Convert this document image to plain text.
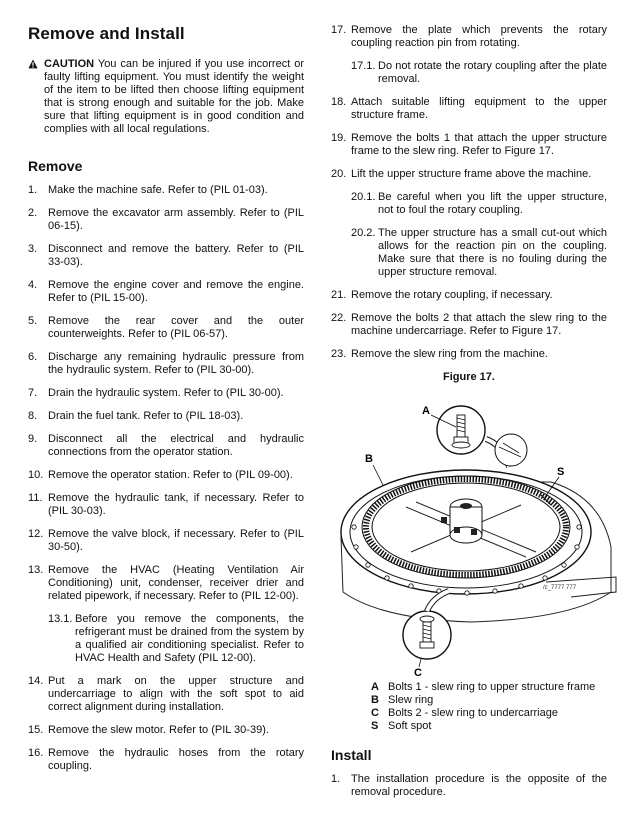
Remove and Install
CAUTION You can be injured if you use incorrect or faulty lifting equipment. You must identify the weight of the item to be lifted then choose lifting equipment that is strong enough and suitable for the job. Make sure that lifting equipment is in good condition and complies with all local regulations.
Remove
1. Make the machine safe. Refer to (PIL 01-03).
2. Remove the excavator arm assembly. Refer to (PIL 06-15).
3. Disconnect and remove the battery. Refer to (PIL 33-03).
4. Remove the engine cover and remove the engine. Refer to (PIL 15-00).
5. Remove the rear cover and the outer counterweights. Refer to (PIL 06-57).
6. Discharge any remaining hydraulic pressure from the hydraulic system. Refer to (PIL 30-00).
7. Drain the hydraulic system. Refer to (PIL 30-00).
8. Drain the fuel tank. Refer to (PIL 18-03).
9. Disconnect all the electrical and hydraulic connections from the operator station.
10. Remove the operator station. Refer to (PIL 09-00).
11. Remove the hydraulic tank, if necessary. Refer to (PIL 30-03).
12. Remove the valve block, if necessary. Refer to (PIL 30-50).
13. Remove the HVAC (Heating Ventilation Air Conditioning) unit, condenser, receiver drier and related pipework, if necessary. Refer to (PIL 12-00).
13.1. Before you remove the components, the refrigerant must be drained from the system by a qualified air conditioning specialist. Refer to HVAC Health and Safety (PIL 12-00).
14. Put a mark on the upper structure and undercarriage to align with the soft spot to aid correct alignment during installation.
15. Remove the slew motor. Refer to (PIL 30-39).
16. Remove the hydraulic hoses from the rotary coupling.
17. Remove the plate which prevents the rotary coupling reaction pin from rotating.
17.1. Do not rotate the rotary coupling after the plate removal.
18. Attach suitable lifting equipment to the upper structure frame.
19. Remove the bolts 1 that attach the upper structure frame to the slew ring. Refer to Figure 17.
20. Lift the upper structure frame above the machine.
20.1. Be careful when you lift the upper structure, not to foul the rotary coupling.
20.2. The upper structure has a small cut-out which allows for the reaction pin on the coupling. Make sure that there is no fouling during the upper structure removal.
21. Remove the rotary coupling, if necessary.
22. Remove the bolts 2 that attach the slew ring to the machine undercarriage. Refer to Figure 17.
23. Remove the slew ring from the machine.
Figure 17.
/c_7777 777
A
B
S
C
A Bolts 1 - slew ring to upper structure frame
B Slew ring
C Bolts 2 - slew ring to undercarriage
S Soft spot
Install
1. The installation procedure is the opposite of the removal procedure.
